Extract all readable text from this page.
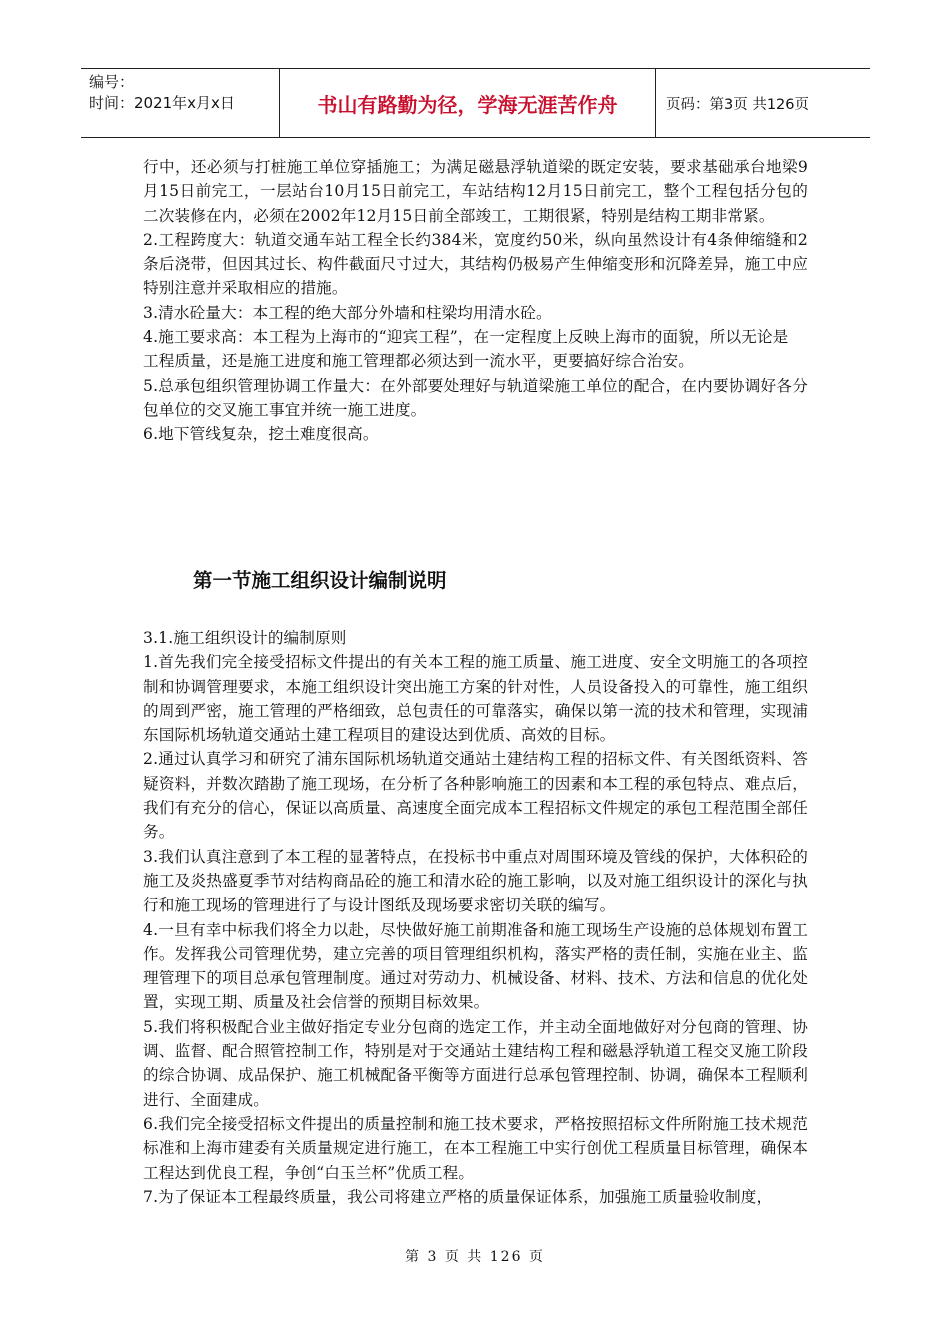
编号：
时间：2021年x月x日	书山有路勤为径，学海无涯苦作舟	页码：第3页 共126页

行中，还必须与打桩施工单位穿插施工；为满足磁悬浮轨道梁的既定安装，要求基础承台地梁9月15日前完工，一层站台10月15日前完工，车站结构12月15日前完工，整个工程包括分包的二次装修在内，必须在2002年12月15日前全部竣工，工期很紧，特别是结构工期非常紧。

2.工程跨度大：轨道交通车站工程全长约384米，宽度约50米，纵向虽然设计有4条伸缩缝和2条后浇带，但因其过长、构件截面尺寸过大，其结构仍极易产生伸缩变形和沉降差异，施工中应特别注意并采取相应的措施。

3.清水砼量大：本工程的绝大部分外墙和柱梁均用清水砼。

4.施工要求高：本工程为上海市的“迎宾工程”，在一定程度上反映上海市的面貌，所以无论是

工程质量，还是施工进度和施工管理都必须达到一流水平，更要搞好综合治安。

5.总承包组织管理协调工作量大：在外部要处理好与轨道梁施工单位的配合，在内要协调好各分包单位的交叉施工事宜并统一施工进度。

6.地下管线复杂，挖土难度很高。

第一节施工组织设计编制说明

3.1.施工组织设计的编制原则

1.首先我们完全接受招标文件提出的有关本工程的施工质量、施工进度、安全文明施工的各项控制和协调管理要求，本施工组织设计突出施工方案的针对性，人员设备投入的可靠性，施工组织的周到严密，施工管理的严格细致，总包责任的可靠落实，确保以第一流的技术和管理，实现浦东国际机场轨道交通站土建工程项目的建设达到优质、高效的目标。

2.通过认真学习和研究了浦东国际机场轨道交通站土建结构工程的招标文件、有关图纸资料、答疑资料，并数次踏勘了施工现场，在分析了各种影响施工的因素和本工程的承包特点、难点后，我们有充分的信心，保证以高质量、高速度全面完成本工程招标文件规定的承包工程范围全部任务。

3.我们认真注意到了本工程的显著特点，在投标书中重点对周围环境及管线的保护，大体积砼的施工及炎热盛夏季节对结构商品砼的施工和清水砼的施工影响，以及对施工组织设计的深化与执行和施工现场的管理进行了与设计图纸及现场要求密切关联的编写。

4.一旦有幸中标我们将全力以赴，尽快做好施工前期准备和施工现场生产设施的总体规划布置工作。发挥我公司管理优势，建立完善的项目管理组织机构，落实严格的责任制，实施在业主、监理管理下的项目总承包管理制度。通过对劳动力、机械设备、材料、技术、方法和信息的优化处置，实现工期、质量及社会信誉的预期目标效果。

5.我们将积极配合业主做好指定专业分包商的选定工作，并主动全面地做好对分包商的管理、协调、监督、配合照管控制工作，特别是对于交通站土建结构工程和磁悬浮轨道工程交叉施工阶段的综合协调、成品保护、施工机械配备平衡等方面进行总承包管理控制、协调，确保本工程顺利进行、全面建成。

6.我们完全接受招标文件提出的质量控制和施工技术要求，严格按照招标文件所附施工技术规范标准和上海市建委有关质量规定进行施工，在本工程施工中实行创优工程质量目标管理，确保本工程达到优良工程，争创“白玉兰杯”优质工程。

7.为了保证本工程最终质量，我公司将建立严格的质量保证体系，加强施工质量验收制度，

第 3 页 共 126 页
